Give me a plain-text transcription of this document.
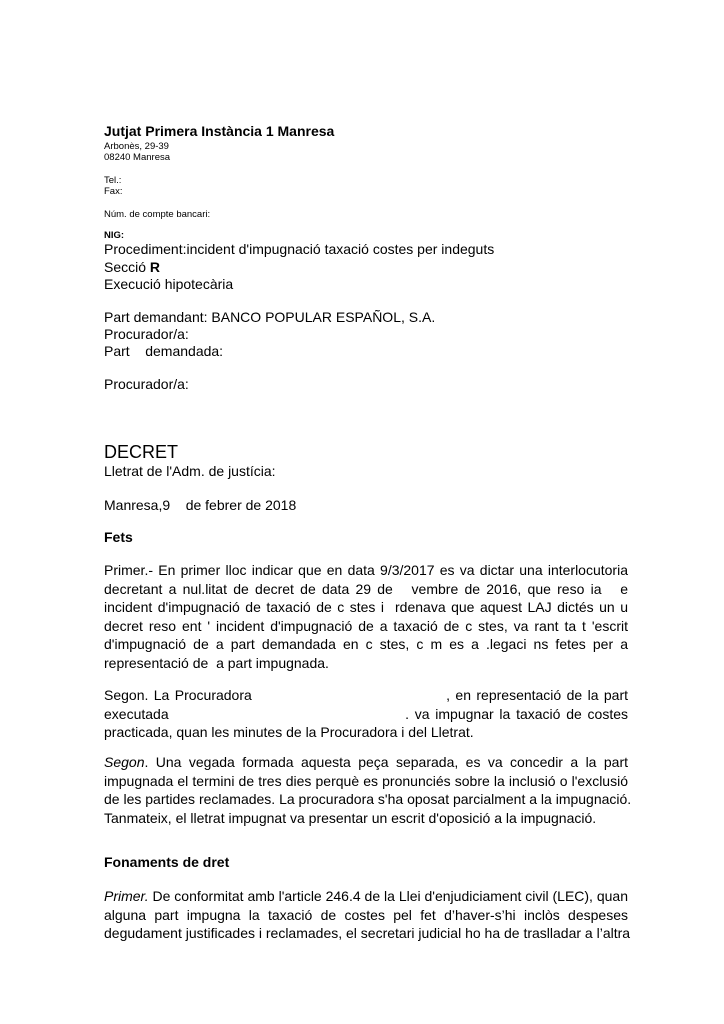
Jutjat Primera Instància 1 Manresa
Arbonès, 29-39
08240 Manresa
Tel.:
Fax:
Núm. de compte bancari:
NIG:
Procediment:incident d'impugnació taxació costes per indeguts
Secció R
Execució hipotecària
Part demandant: BANCO POPULAR ESPAÑOL, S.A.
Procurador/a:
Part    demandada:
Procurador/a:
DECRET
Lletrat de l'Adm. de justícia:
Manresa,9    de febrer de 2018
Fets
Primer.- En primer lloc indicar que en data 9/3/2017 es va dictar una interlocutoria
decretant a nul.litat de decret de data 29 de   vembre de 2016, que reso ia   e
incident d'impugnació de taxació de c stes i  rdenava que aquest LAJ dictés un u
decret reso ent ' incident d'impugnació de a taxació de c stes, va rant ta t 'escrit
d'impugnació de a part demandada en c stes, c m es a .legaci ns fetes per a
representació de  a part impugnada.
Segon. La Procuradora                                    , en representació de la part
executada                                         . va impugnar la taxació de costes
practicada, quan les minutes de la Procuradora i del Lletrat.
Segon. Una vegada formada aquesta peça separada, es va concedir a la part
impugnada el termini de tres dies perquè es pronunciés sobre la inclusió o l'exclusió
de les partides reclamades. La procuradora s'ha oposat parcialment a la impugnació.
Tanmateix, el lletrat impugnat va presentar un escrit d'oposició a la impugnació.
Fonaments de dret
Primer. De conformitat amb l'article 246.4 de la Llei d'enjudiciament civil (LEC), quan
alguna part impugna la taxació de costes pel fet d’haver-s’hi inclòs despeses
degudament justificades i reclamades, el secretari judicial ho ha de traslladar a l’altra
